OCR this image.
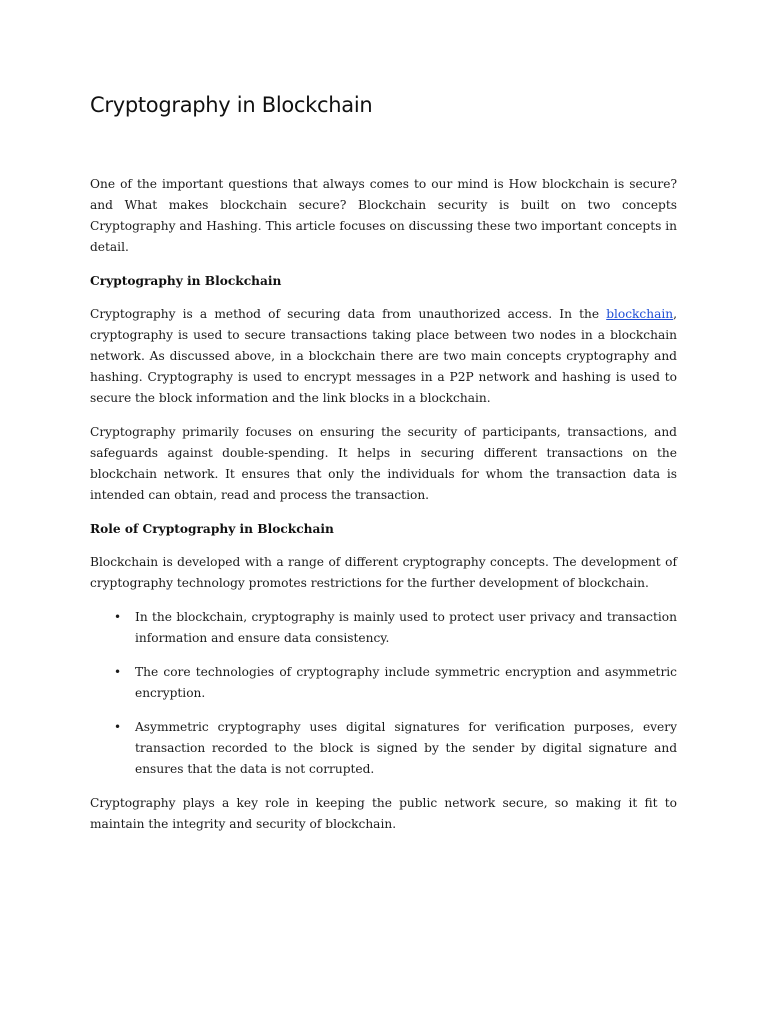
Cryptography in Blockchain

One of the important questions that always comes to our mind is How blockchain is secure? and What makes blockchain secure? Blockchain security is built on two concepts Cryptography and Hashing. This article focuses on discussing these two important concepts in detail.

Cryptography in Blockchain

Cryptography is a method of securing data from unauthorized access. In the blockchain, cryptography is used to secure transactions taking place between two nodes in a blockchain network. As discussed above, in a blockchain there are two main concepts cryptography and hashing. Cryptography is used to encrypt messages in a P2P network and hashing is used to secure the block information and the link blocks in a blockchain.

Cryptography primarily focuses on ensuring the security of participants, transactions, and safeguards against double-spending. It helps in securing different transactions on the blockchain network. It ensures that only the individuals for whom the transaction data is intended can obtain, read and process the transaction.

Role of Cryptography in Blockchain

Blockchain is developed with a range of different cryptography concepts. The development of cryptography technology promotes restrictions for the further development of blockchain.

• In the blockchain, cryptography is mainly used to protect user privacy and transaction information and ensure data consistency.
• The core technologies of cryptography include symmetric encryption and asymmetric encryption.
• Asymmetric cryptography uses digital signatures for verification purposes, every transaction recorded to the block is signed by the sender by digital signature and ensures that the data is not corrupted.

Cryptography plays a key role in keeping the public network secure, so making it fit to maintain the integrity and security of blockchain.
